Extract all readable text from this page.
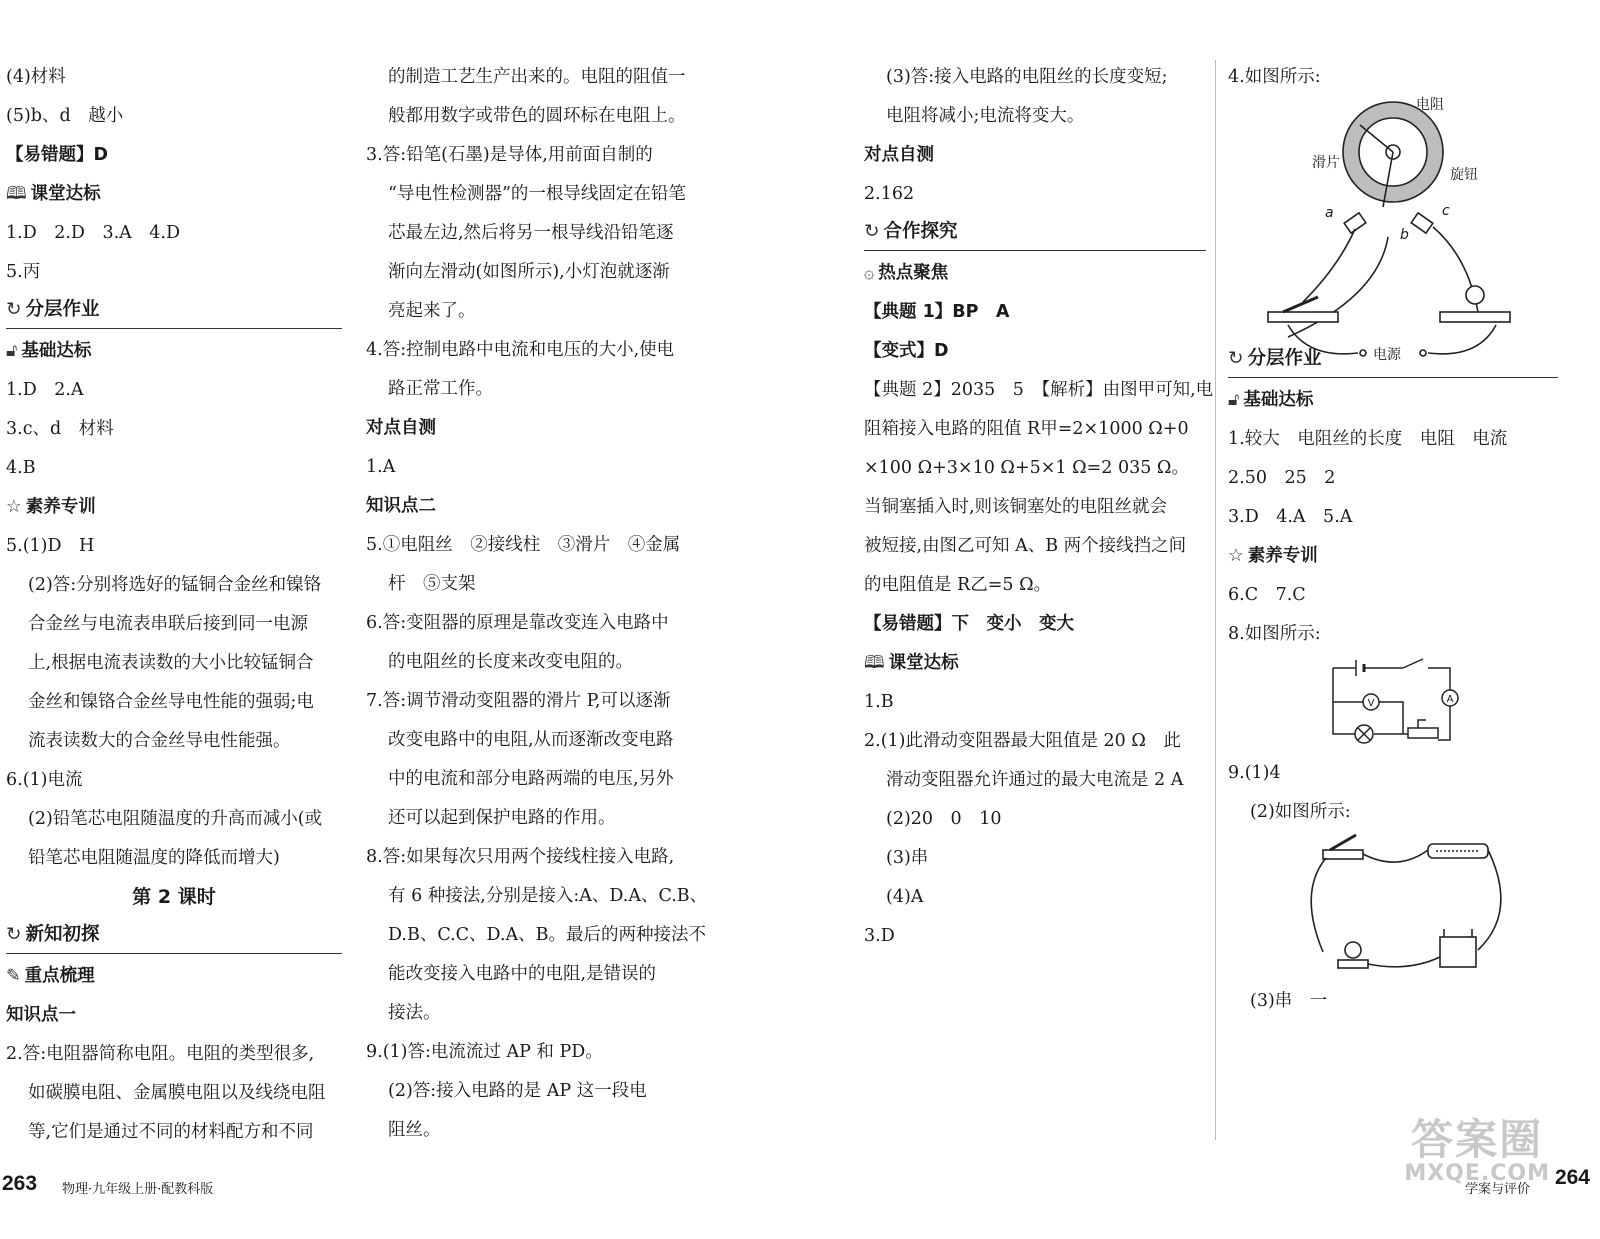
(4)材料
(5)b、d　越小
【易错题】D
🕮 课堂达标
1.D　2.D　3.A　4.D
5.丙
↻ 分层作业
🔓︎ 基础达标
1.D　2.A
3.c、d　材料
4.B
☆ 素养专训
5.(1)D　H
(2)答:分别将选好的锰铜合金丝和镍铬
合金丝与电流表串联后接到同一电源
上,根据电流表读数的大小比较锰铜合
金丝和镍铬合金丝导电性能的强弱;电
流表读数大的合金丝导电性能强。
6.(1)电流
(2)铅笔芯电阻随温度的升高而减小(或
铅笔芯电阻随温度的降低而增大)
第 2 课时
↻ 新知初探
✎ 重点梳理
知识点一
2.答:电阻器简称电阻。电阻的类型很多,
如碳膜电阻、金属膜电阻以及线绕电阻
等,它们是通过不同的材料配方和不同
的制造工艺生产出来的。电阻的阻值一
般都用数字或带色的圆环标在电阻上。
3.答:铅笔(石墨)是导体,用前面自制的
“导电性检测器”的一根导线固定在铅笔
芯最左边,然后将另一根导线沿铅笔逐
渐向左滑动(如图所示),小灯泡就逐渐
亮起来了。
4.答:控制电路中电流和电压的大小,使电
路正常工作。
对点自测
1.A
知识点二
5.①电阻丝　②接线柱　③滑片　④金属
杆　⑤支架
6.答:变阻器的原理是靠改变连入电路中
的电阻丝的长度来改变电阻的。
7.答:调节滑动变阻器的滑片 P,可以逐渐
改变电路中的电阻,从而逐渐改变电路
中的电流和部分电路两端的电压,另外
还可以起到保护电路的作用。
8.答:如果每次只用两个接线柱接入电路,
有 6 种接法,分别是接入:A、D.A、C.B、
D.B、C.C、D.A、B。最后的两种接法不
能改变接入电路中的电阻,是错误的
接法。
9.(1)答:电流流过 AP 和 PD。
(2)答:接入电路的是 AP 这一段电
阻丝。
(3)答:接入电路的电阻丝的长度变短;
电阻将减小;电流将变大。
对点自测
2.162
↻ 合作探究
۞ 热点聚焦
【典题 1】BP　A
【变式】D
【典题 2】2035　5　【解析】由图甲可知,电
阻箱接入电路的阻值 R甲=2×1000 Ω+0
×100 Ω+3×10 Ω+5×1 Ω=2 035 Ω。
当铜塞插入时,则该铜塞处的电阻丝就会
被短接,由图乙可知 A、B 两个接线挡之间
的电阻值是 R乙=5 Ω。
【易错题】下　变小　变大
🕮 课堂达标
1.B
2.(1)此滑动变阻器最大阻值是 20 Ω　此
滑动变阻器允许通过的最大电流是 2 A
(2)20　0　10
(3)串
(4)A
3.D
4.如图所示:
电阻
滑片
旋钮
a
b
c
电源
↻ 分层作业
🔓︎ 基础达标
1.较大　电阻丝的长度　电阻　电流
2.50　25　2
3.D　4.A　5.A
☆ 素养专训
6.C　7.C
8.如图所示:
V	A
9.(1)4
(2)如图所示:
(3)串　一
263 物理·九年级上册·配教科版	学案与评价
264
答案圈
MXQE.COM
